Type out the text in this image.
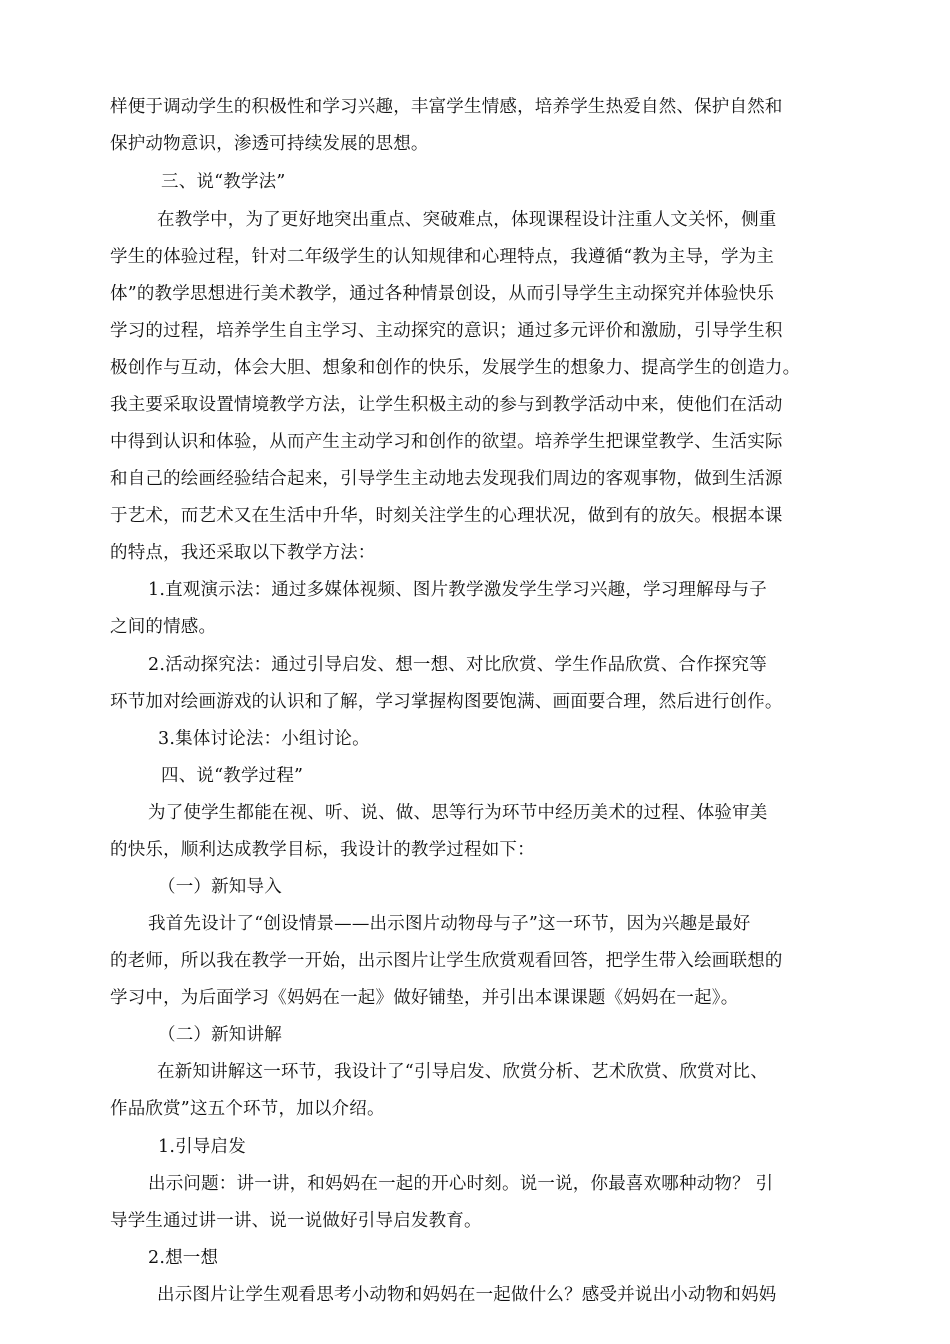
样便于调动学生的积极性和学习兴趣，丰富学生情感，培养学生热爱自然、保护自然和
保护动物意识，渗透可持续发展的思想。
三、说“教学法”
在教学中，为了更好地突出重点、突破难点，体现课程设计注重人文关怀，侧重
学生的体验过程，针对二年级学生的认知规律和心理特点，我遵循“教为主导，学为主
体”的教学思想进行美术教学，通过各种情景创设，从而引导学生主动探究并体验快乐
学习的过程，培养学生自主学习、主动探究的意识；通过多元评价和激励，引导学生积
极创作与互动，体会大胆、想象和创作的快乐，发展学生的想象力、提高学生的创造力。
我主要采取设置情境教学方法，让学生积极主动的参与到教学活动中来，使他们在活动
中得到认识和体验，从而产生主动学习和创作的欲望。培养学生把课堂教学、生活实际
和自己的绘画经验结合起来，引导学生主动地去发现我们周边的客观事物，做到生活源
于艺术，而艺术又在生活中升华，时刻关注学生的心理状况，做到有的放矢。根据本课
的特点，我还采取以下教学方法：
1.直观演示法：通过多媒体视频、图片教学激发学生学习兴趣，学习理解母与子
之间的情感。
2.活动探究法：通过引导启发、想一想、对比欣赏、学生作品欣赏、合作探究等
环节加对绘画游戏的认识和了解，学习掌握构图要饱满、画面要合理，然后进行创作。
3.集体讨论法：小组讨论。
四、说“教学过程”
为了使学生都能在视、听、说、做、思等行为环节中经历美术的过程、体验审美
的快乐，顺利达成教学目标，我设计的教学过程如下：
（一）新知导入
我首先设计了“创设情景——出示图片动物母与子”这一环节，因为兴趣是最好
的老师，所以我在教学一开始，出示图片让学生欣赏观看回答，把学生带入绘画联想的
学习中，为后面学习《妈妈在一起》做好铺垫，并引出本课课题《妈妈在一起》。
（二）新知讲解
在新知讲解这一环节，我设计了“引导启发、欣赏分析、艺术欣赏、欣赏对比、
作品欣赏”这五个环节，加以介绍。
1.引导启发
出示问题：讲一讲，和妈妈在一起的开心时刻。说一说，你最喜欢哪种动物？ 引
导学生通过讲一讲、说一说做好引导启发教育。
2.想一想
出示图片让学生观看思考小动物和妈妈在一起做什么？感受并说出小动物和妈妈
